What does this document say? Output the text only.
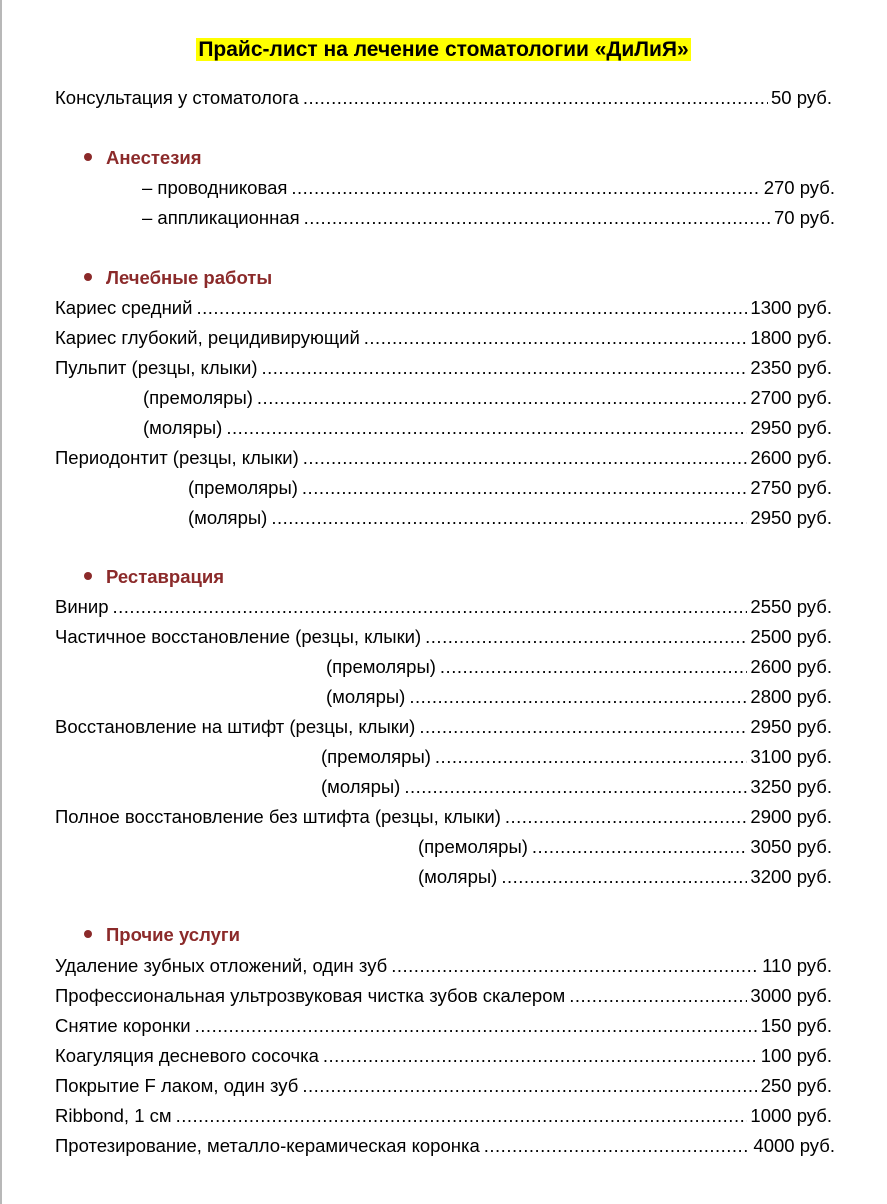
Прайс-лист на лечение стоматологии «ДиЛиЯ»
Консультация у стоматолога .....	50 руб.
Анестезия
– проводниковая .....	270 руб.
– аппликационная .....	70 руб.
Лечебные работы
Кариес средний .....	1300 руб.
Кариес глубокий, рецидивирующий .....	1800 руб.
Пульпит (резцы, клыки) .....	2350 руб.
(премоляры) .....	2700 руб.
(моляры) .....	2950 руб.
Периодонтит (резцы, клыки) .....	2600 руб.
(премоляры) .....	2750 руб.
(моляры) .....	2950 руб.
Реставрация
Винир .....	2550 руб.
Частичное восстановление (резцы, клыки) .....	2500 руб.
(премоляры) .....	2600 руб.
(моляры) .....	2800 руб.
Восстановление на штифт (резцы, клыки) .....	2950 руб.
(премоляры) .....	3100 руб.
(моляры) .....	3250 руб.
Полное восстановление без штифта (резцы, клыки) .....	2900 руб.
(премоляры) .....	3050 руб.
(моляры) .....	3200 руб.
Прочие услуги
Удаление зубных отложений, один зуб .....	110 руб.
Профессиональная ультрозвуковая чистка зубов скалером .....	3000 руб.
Снятие коронки .....	150 руб.
Коагуляция десневого сосочка .....	100 руб.
Покрытие F лаком, один зуб .....	250 руб.
Ribbond, 1 см .....	1000 руб.
Протезирование, металло-керамическая коронка .....	4000 руб.
